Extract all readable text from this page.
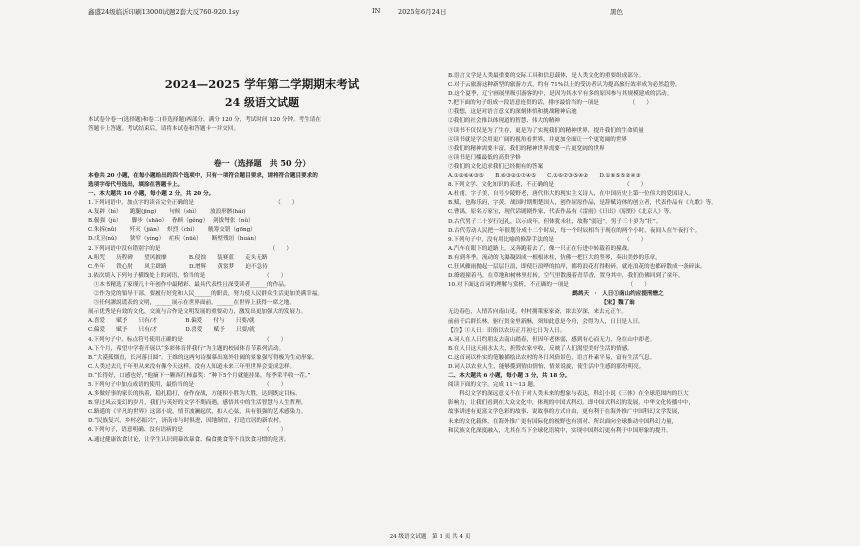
鑫盛24级临沂印刷13000试题2套大反760-920.1sy	IN	2025年6月24日	黑色
2024—2025 学年第二学期期末考试
24 级语文试题
本试卷分卷一(选择题)和卷二(非选择题)两部分，满分 120 分，考试时间 120 分钟。考生请在
答题卡上答题。考试结束后，请将本试卷和答题卡一并交回。
卷一（选择题　共 50 分）
本卷共 20 小题，在每小题给出的四个选项中，只有一项符合题目要求，请将符合题目要求的
选项字母代号选出，填涂在答题卡上。
一、本大题共 10 小题，每小题 2 分，共 20 分。
1.下列词语中，加点字的读音完全正确的是　　　　　　　　　　　　　　　（　　）
A.复辟（bì）　　跑腿(jīng)　　 句候（shì）　　 放浪形骸(hái)
B.倔强（jù）　　 脚步（shāo）　 眷顾（gěng）　 剑拔弩张（nǔ）
C.朱拆(nǚ)　　 歼灭（jiān）　 炽烈（chì）　　 觥筹交错（gōng）
D.戊卫(nǔ)　　 狭窄（yíng）　 疟疾（nüè）　　 断壁残垣（huán）
2.下列词语中没有错别字的是　　　　　　　　　　　　　　　　　　　　（　　）
A.咀咒　　历程碑　　望风披靡　　　　B.侵蚀　　装赛蓝　　走头无路
C.坐年　　铁心肘　　风尘肆路　　　　D.增辉　　黄裳梦　　迫不急待
3.依次填入下列句子横线处上的词语，恰当的是　　　　　　　　　　　（　　）
　①本书精选了家瑾几十年创作中最精彩、最具代表性且深受读者______的作品。
　②作为党的領导干部，要履行好党和人民______的职责，努力使人民群众生活更加美满幸福。
　③任何謬説谎表的文明，______展示在世界面前，______在世界上获得一席之地。
展示优秀是有效的文化，交流与合作是文明发展的重要动力，激发出更加强大的发展力。
A.喜爱　　赋予　　只有/才　　　　　B.偏爱　　付与　　只要/就
C.偏爱　　赋予　　只有/才　　　　　D.喜爱　　赋予　　只要/就
4.下列句子中，标点符号使用正确的是　　　　　　　　　　　　　　　（　　）
A.下个月，希望中学将开展以“多彩体育伴我行”为主题的校园体育节系列活动。
B.“大漠孤烟直，长河落日圆”。王维的这两句诗描摹出塞外壮阔的景象强写得极为生动形象。
C.人类过去几千年里从来没有像今天这样，没有人知道未来三年里世界会变成怎样。
D.“长得好，口感也好，”他摘下一颗西红柿嘉奖：“种下5个月就能挂果，每季采半收一茬。”
5.下列句子中加点成语的使用，最恰当的是　　　　　　　　　　　　　（　　）
A.多做好事的家长的执着，稳扎稳打，奋作奋战，方能积小胜为大胜，达到既定目标。
B.穿过风云变幻的岁月，我们与英好的文学不期而遇，感悟其中的生活智慧与人生哲理。
C.路遥的《平凡的世界》这部小说，情节波澜起伏，扣人心弦，具有很强的艺术感染力。
D.“民族复兴，乡村必振兴”，济南市与时俱进，因地制宜，打造宜居的新农村。
6.下列句子，语意明确、没有语病的是　　　　　　　　　　　　　　　（　　）
A.通过健康饮食讨论，让学生认识到暴饮暴食、偏食挑食等不良饮食习惯的危害。
B.语言文学是人类最重要的交际工具和信息载体，是人类文化的重要组成部分。
C.对于云旅游这种新型的旅游方式，约有 71%以上的受访者认为提高旅行效率成为必然趋势。
D.这个夏季，辽宁画展里吸引游客的中，是因为其水平有多的原因参与其规模建成的活动。
7.把下面的句子组成一段语意连贯的话，排序最恰当的一项是　　　　　　（　　）
①我想，这是对语言意义的深刻体悟和挑战精神启迪
②我们的社会推以体现道的智慧、伟大的精神
③读书不仅仅是为了生存，更是为了实现我们的精神世界，提升我们的生命质量
④读书就是学会用更广阔的视角看世界，并更加全面让一个更宽阔的世界
⑤我们的精神需要丰富，我们的精神世界需要一片更宽阔的世界
⑥读书是门槛最低的高贵学修
⑦我们的文化追求我们已经拥有的答案
A.①②⑥④③⑤　　B.⑥③②①⑦④⑤　　C.①⑥⑦③⑤④②　　D.①⑥⑤⑤②④③
8.下列文学、文化知识的表述，不正确的是　　　　　　　　　　　　　（　　）
A.杜甫，字子美，自号少陵野老，唐代伟大的现实主义诗人，在中国历史上第一位伟大的爱国诗人。
B.赋，也称乐府，字黄。战国时期期楚国人，创作屈原作品，是辞赋诗体的创立者，代表作品有《九歌》等。
C.曹禺，原名万家宝，现代话剧剧作家，代表作品有《雷雨》《日出》《原野》《北京人》等。
D.古代男子二十岁行冠礼，以示成年，但体犹未壮，故称“弱冠”。男子三十岁为“壮”。
D.古代劳动人民把一年很划分成十二个时辰，每一个时辰相当于现在的两个小时，夜间人在午夜打个。
9.下列句子中，没有用比喻的修辞手法的是　　　　　　　　　　　　　（　　）
A.汽车在眼下的道路上，又奔跑着去了，像一只正在行进中转载着的撞战。
B.有到冬季，流动的飞瀑凝固成一根根冰柱，仿佛一把巨大的竖琴，奏出美妙的乐章。
C.狂风骤雨抛起一层层巨浪，即使巨浪哗的拍岸，都将浪花打得粉碎，就连浪花的也都碎散成一条碎沫。
D.缭霞撞着马，在草地和树林里打转，空气里散漫着青草香，置身其中，我们仿佛回到了童年。
10.对下面这首词的理解与赏析，不正确的一项是　　　　　　　　　　　（　　）
鹧鸪天　·　人日①南山约应提刑懋之
【宋】魏了翁
无边春色，人情苦向南山觅。村村拥策家家斋，浓去岁深，来去元正午。
前前千后群长林，驱行贯金里新酥，须知此意是今舟，会得为人，日日是人日。
【注】①人日：旧俗以农历正月初七日为人日。
A.词人在人日约朋友去南山踏春，但因年老体弱，感到有心而无力，身在山中却老。
B.在人日这天雨水太大，折毁农家卒收，反映了人们渴望美好生活的情感。
C.这首词以朴实的笔触描绘出农村的冬日风俗景色，语言朴素平易，富有生活气息。
D.词人以农业人生，能够揽到情由情怡，情景说旋，使生活中生感的那份明亮。
二、本大题共 6 小题，每小题 3 分，共 18 分。
阅读下面的文字，完成 11～13 题。
　　科幻文学的深远意义不在于对人类未来的想象与表达，科幻小说《三体》在全球范围内的巨大
影响力，让我们看到在大众文化中，体现的中国式科幻。即中国式科幻的发展，中华文化传播中中，
故事讲述有更富文学色彩的故事、说故事的方式自由，更有利于在海外推广中国科幻文学发展，
未来的文化载体，在海外推广更有国际化的视野也有别对、所以面向全球推动中国科幻力量，
和民族文化深度融入，尤其在当下全球化语境中，实现中国科幻更有利于中国形象的提升。
24 级语文试题　第 1 页 共 4 页
